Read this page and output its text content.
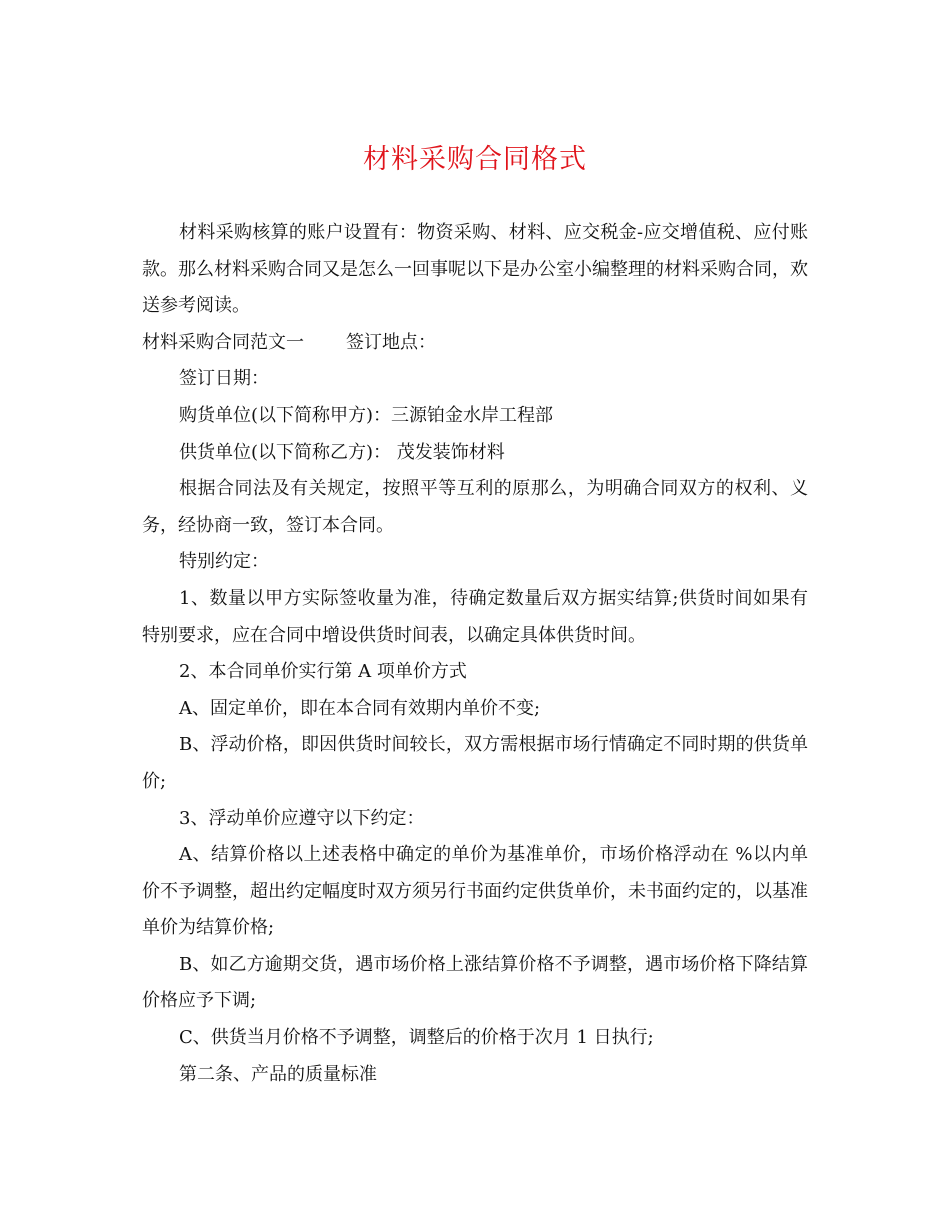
材料采购合同格式

材料采购核算的账户设置有：物资采购、材料、应交税金-应交增值税、应付账款。那么材料采购合同又是怎么一回事呢以下是办公室小编整理的材料采购合同，欢送参考阅读。

材料采购合同范文一 签订地点：

签订日期：

购货单位(以下简称甲方)：三源铂金水岸工程部

供货单位(以下简称乙方)： 茂发装饰材料

根据合同法及有关规定，按照平等互利的原那么，为明确合同双方的权利、义务，经协商一致，签订本合同。

特别约定：

1、数量以甲方实际签收量为准，待确定数量后双方据实结算;供货时间如果有特别要求，应在合同中增设供货时间表，以确定具体供货时间。

2、本合同单价实行第 A 项单价方式

A、固定单价，即在本合同有效期内单价不变;

B、浮动价格，即因供货时间较长，双方需根据市场行情确定不同时期的供货单价;

3、浮动单价应遵守以下约定：

A、结算价格以上述表格中确定的单价为基准单价，市场价格浮动在 %以内单价不予调整，超出约定幅度时双方须另行书面约定供货单价，未书面约定的，以基准单价为结算价格;

B、如乙方逾期交货，遇市场价格上涨结算价格不予调整，遇市场价格下降结算价格应予下调;

C、供货当月价格不予调整，调整后的价格于次月 1 日执行;

第二条、产品的质量标准
